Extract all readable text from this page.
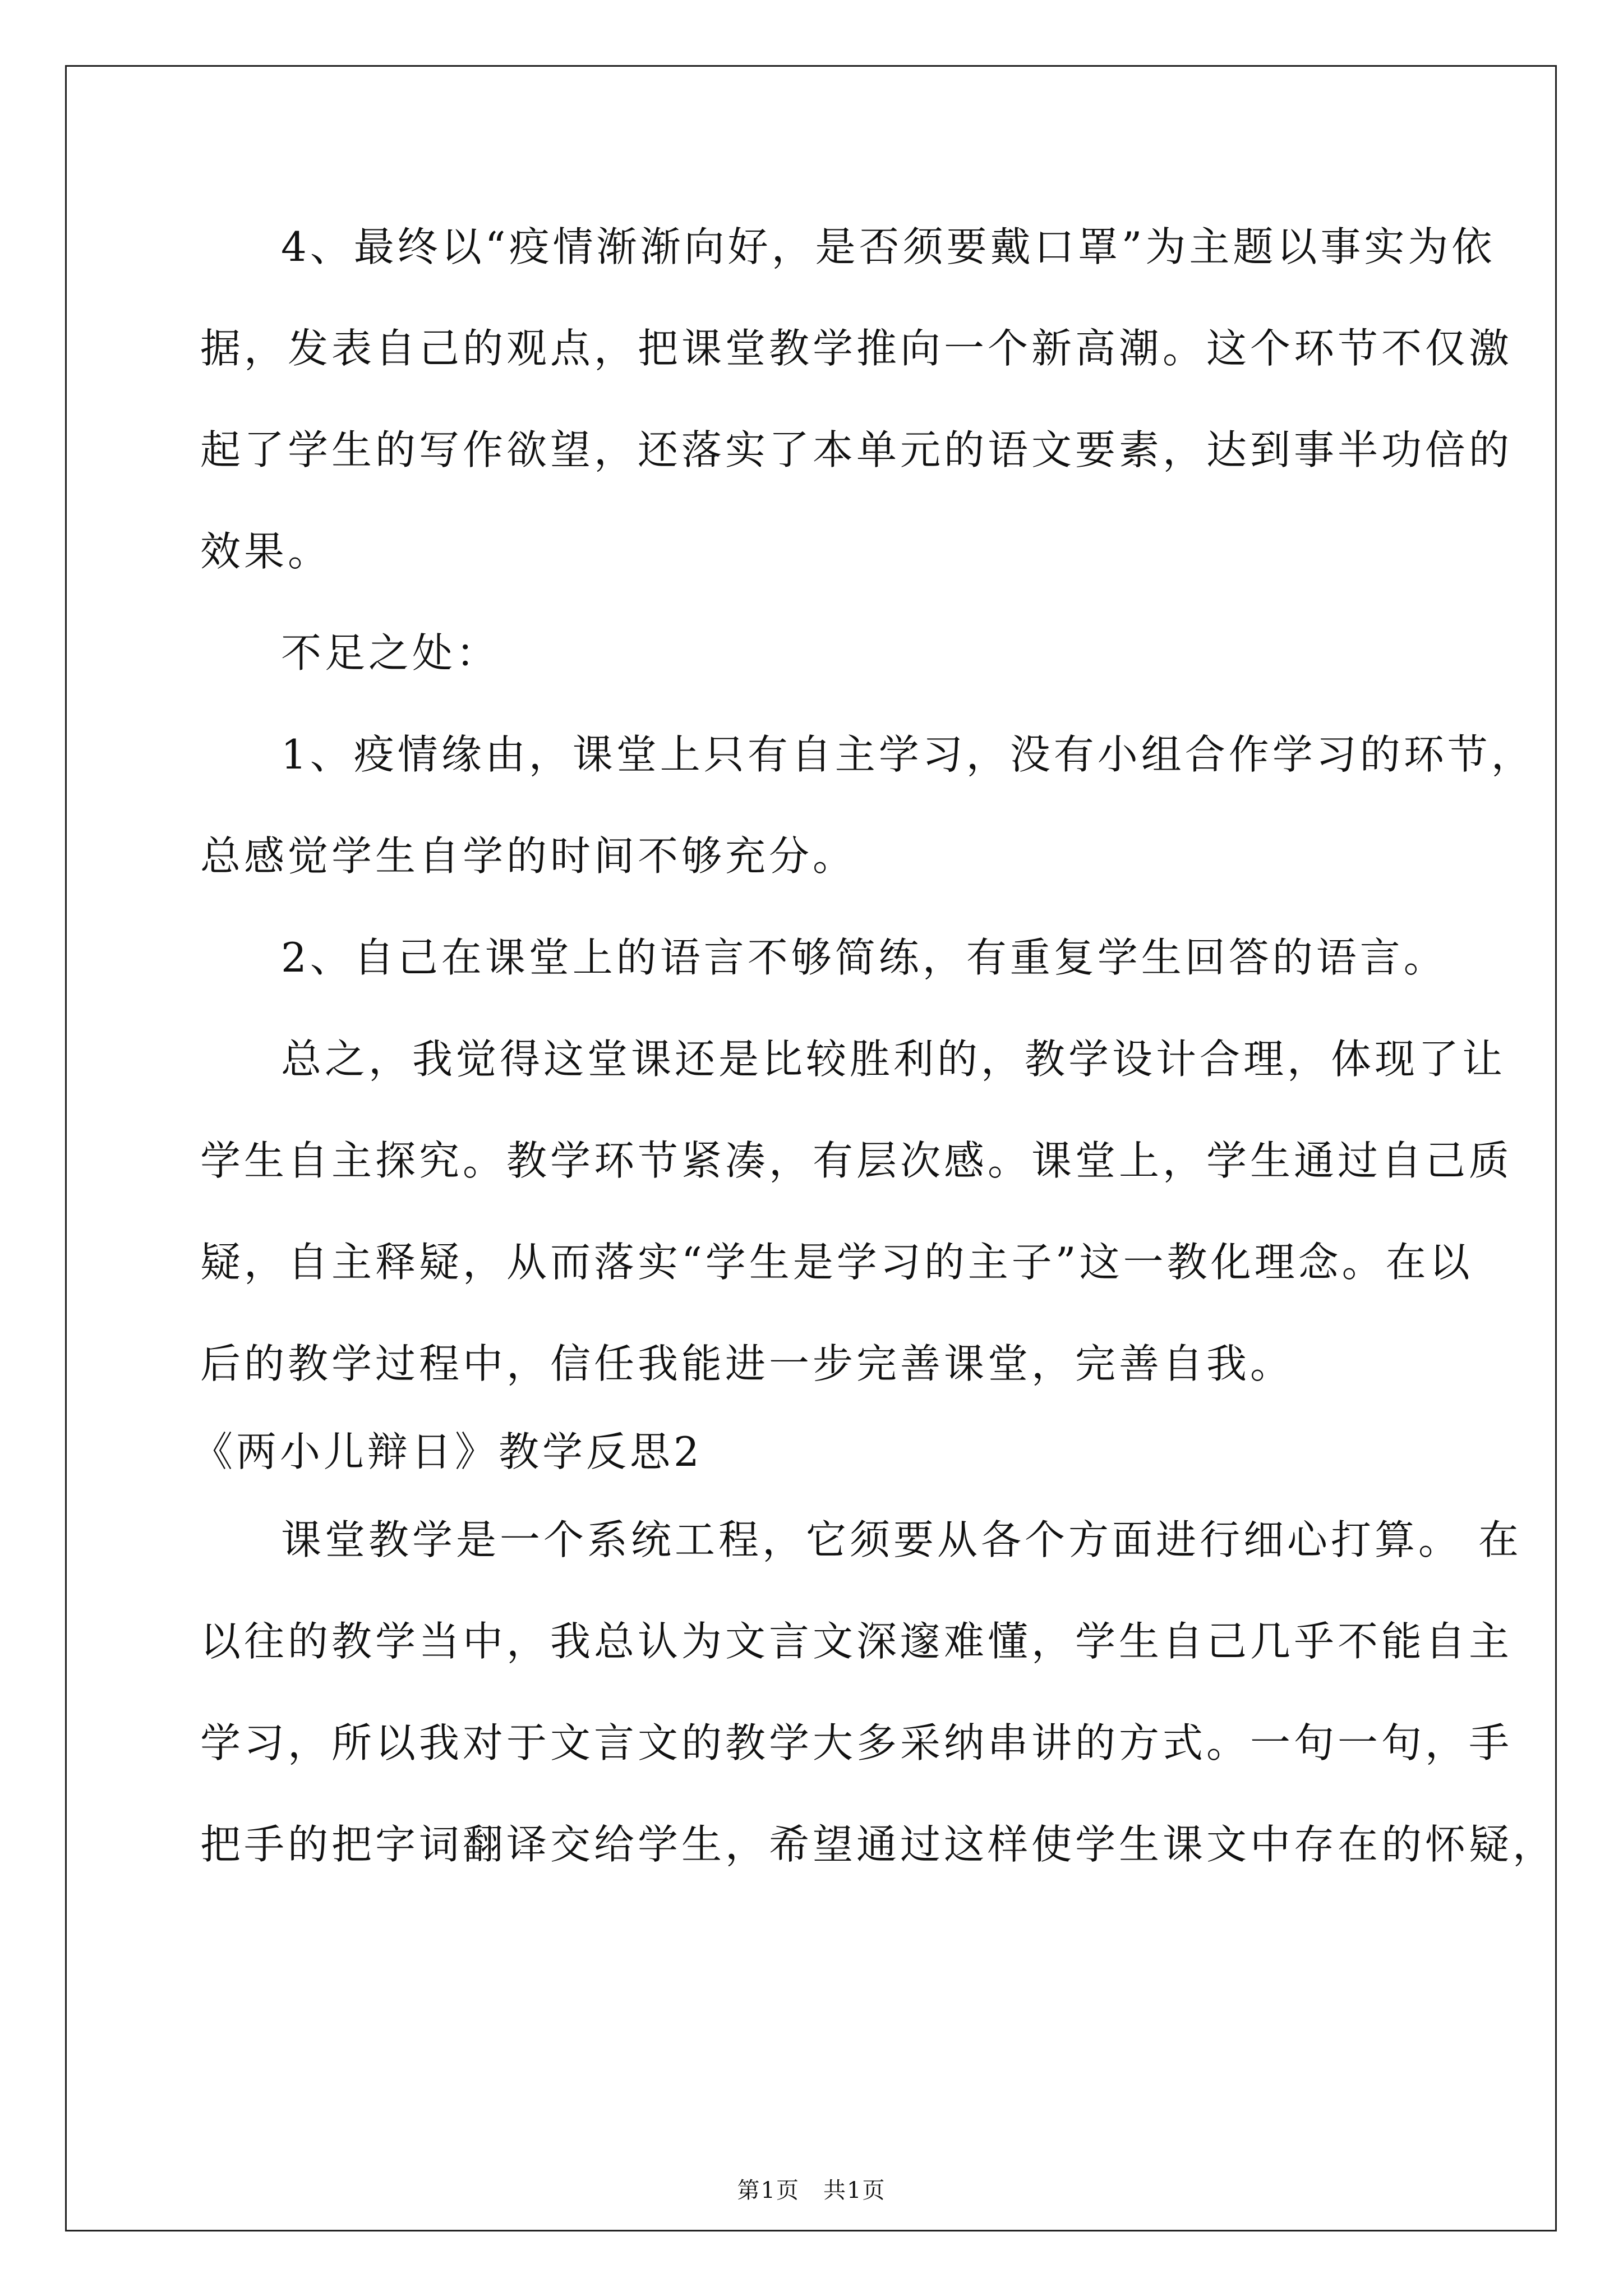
4、最终以“疫情渐渐向好，是否须要戴口罩”为主题以事实为依
据，发表自己的观点，把课堂教学推向一个新高潮。这个环节不仅激
起了学生的写作欲望，还落实了本单元的语文要素，达到事半功倍的
效果。
不足之处：
1、疫情缘由，课堂上只有自主学习，没有小组合作学习的环节，
总感觉学生自学的时间不够充分。
2、自己在课堂上的语言不够简练，有重复学生回答的语言。
总之，我觉得这堂课还是比较胜利的，教学设计合理，体现了让
学生自主探究。教学环节紧凑，有层次感。课堂上，学生通过自己质
疑，自主释疑，从而落实“学生是学习的主子”这一教化理念。在以
后的教学过程中，信任我能进一步完善课堂，完善自我。
《两小儿辩日》教学反思2
课堂教学是一个系统工程，它须要从各个方面进行细心打算。 在
以往的教学当中，我总认为文言文深邃难懂，学生自己几乎不能自主
学习，所以我对于文言文的教学大多采纳串讲的方式。一句一句，手
把手的把字词翻译交给学生，希望通过这样使学生课文中存在的怀疑，
第1页　共1页
